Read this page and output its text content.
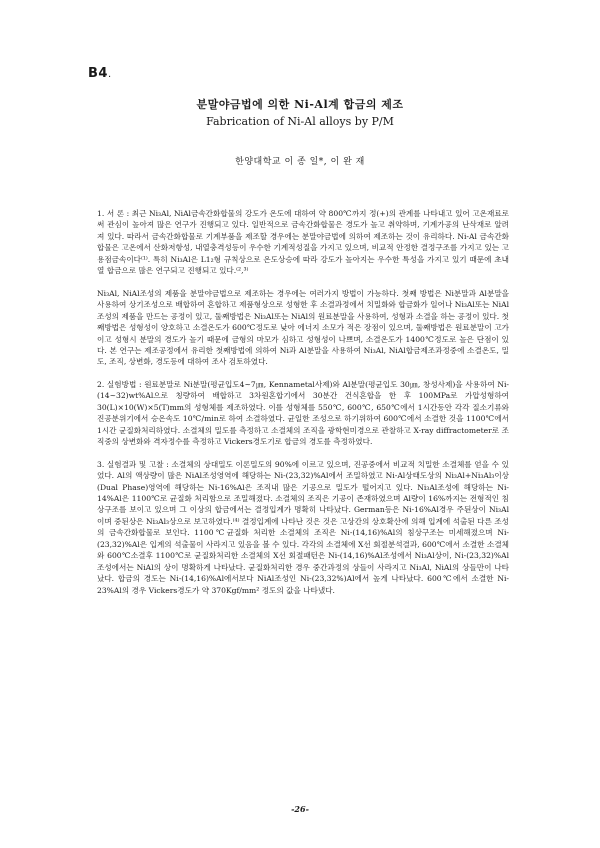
B4.
분말야금법에 의한 Ni-Al계 합금의 제조
Fabrication of Ni-Al alloys by P/M
한양대학교 이 종 일*, 이 완 재

1. 서 론 : 최근 Ni₃Al, NiAl금속간화합물의 강도가 온도에 대하여 약 800℃까지 정(+)의 관계를 나타내고 있어 고온재료로써 관심이 높아져 많은 연구가 진행되고 있다. 일반적으로 금속간화합물은 경도가 높고 취약하며, 기계가공의 난삭재로 알려져 있다. 따라서 금속간화합물로 기계부품을 제조할 경우에는 분말야금법에 의하여 제조하는 것이 유리하다. Ni-Al 금속간화합물은 고온에서 산화저항성, 내열충격성등이 우수한 기계적성질을 가지고 있으며, 비교적 안정한 결정구조를 가지고 있는 고용점금속이다⁽¹⁾. 특히 Ni₃Al은 L1₂형 규칙상으로 온도상승에 따라 강도가 높아지는 우수한 특성을 가지고 있기 때문에 초내열 합금으로 많은 연구되고 진행되고 있다.⁽²,³⁾

Ni₃Al, NiAl조성의 제품을 분말야금법으로 제조하는 경우에는 여러가지 방법이 가능하다. 첫째 방법은 Ni분말과 Al분말을 사용하여 상기조성으로 배합하여 혼합하고 제품형상으로 성형한 후 소결과정에서 치밀화와 합금화가 일어나 Ni₃Al또는 NiAl조성의 제품을 만드는 공정이 있고, 둘째방법은 Ni₃Al또는 NiAl의 원료분말을 사용하여, 성형과 소결을 하는 공정이 있다. 첫째방법은 성형성이 양호하고 소결온도가 600℃정도로 낮아 에너지 소모가 적은 장점이 있으며, 둘째방법은 원료분말이 고가이고 성형시 분말의 경도가 높기 때문에 금형의 마모가 심하고 성형성이 나쁘며, 소결온도가 1400℃정도로 높은 단점이 있다. 본 연구는 제조공정에서 유리한 첫째방법에 의하여 Ni과 Al분말을 사용하여 Ni₃Al, NiAl합금제조과정중에 소결온도, 밀도, 조직, 상변화, 경도등에 대하여 조사 검토하였다.

2. 실험방법 : 원료분말로 Ni분말(평균입도4~7㎛, Kennametal사제)와 Al분말(평균입도 30㎛, 창성사제)을 사용하여 Ni-(14~32)wt%Al으로 칭량하여 배합하고 3차원혼합기에서 30분간 건식혼합을 한 후 100MPa로 가압성형하여 30(L)×10(W)×5(T)mm의 성형체를 제조하였다. 이를 성형체를 550℃, 600℃, 650℃에서 1시간동안 각각 질소기류와 진공분위기에서 승온속도 10℃/min로 하여 소결하였다. 균일한 조성으로 하기위하여 600℃에서 소결한 것을 1100℃에서 1시간 균질화처리하였다. 소결체의 밀도를 측정하고 소결체의 조직을 광학현미경으로 관찰하고 X-ray diffractometer로 조직중의 상변화와 격자정수를 측정하고 Vickers경도기로 합금의 경도를 측정하였다.

3. 실험결과 및 고찰 : 소결체의 상대밀도 이론밀도의 90%에 이르고 있으며, 진공중에서 비교적 치밀한 소결체를 얻을 수 있었다. Al의 액상량이 많은 NiAl조성영역에 해당하는 Ni-(23,32)%Al에서 조밀하였고 Ni-Al상태도상의 Ni₃Al+Ni₃Al₃이상(Dual Phase)영역에 해당하는 Ni-16%Al은 조직내 많은 기공으로 밀도가 떨어지고 있다. Ni₃Al조성에 해당하는 Ni-14%Al은 1100℃로 균질화 처리함으로 조밀해졌다. 소결체의 조직은 기공이 존재하였으며 Al량이 16%까지는 전형적인 침상구조를 보이고 있으며 그 이상의 합금에서는 결정입계가 명확히 나타났다. German등은 Ni-16%Al경우 주된상이 Ni₃Al이며 중된상은 Ni₃Al₃상으로 보고하였다.⁽⁴⁾ 결정입계에 나타난 것은 것은 고상간의 상호확산에 의해 입계에 석출된 다른 조성의 금속간화합물로 보인다. 1100℃균질화 처리한 소결체의 조직은 Ni-(14,16)%Al의 침상구조는 미세해졌으며 Ni-(23,32)%Al은 입계의 석출물이 사라지고 있음을 볼 수 있다. 각각의 소결체에 X선 회절분석결과, 600℃에서 소결한 소결체와 600℃소결후 1100℃로 균질화처리한 소결체의 X선 회절패턴은 Ni-(14,16)%Al조성에서 Ni₃Al상이, Ni-(23,32)%Al조성에서는 NiAl의 상이 명확하게 나타났다. 균질화처리한 경우 중간과정의 상들이 사라지고 Ni₃Al, NiAl의 상들만이 나타났다. 합금의 경도는 Ni-(14,16)%Al에서보다 NiAl조성인 Ni-(23,32%)Al에서 높게 나타났다. 600℃에서 소결한 Ni-23%Al의 경우 Vickers경도가 약 370Kgf/mm² 정도의 값을 나타냈다.

-26-
